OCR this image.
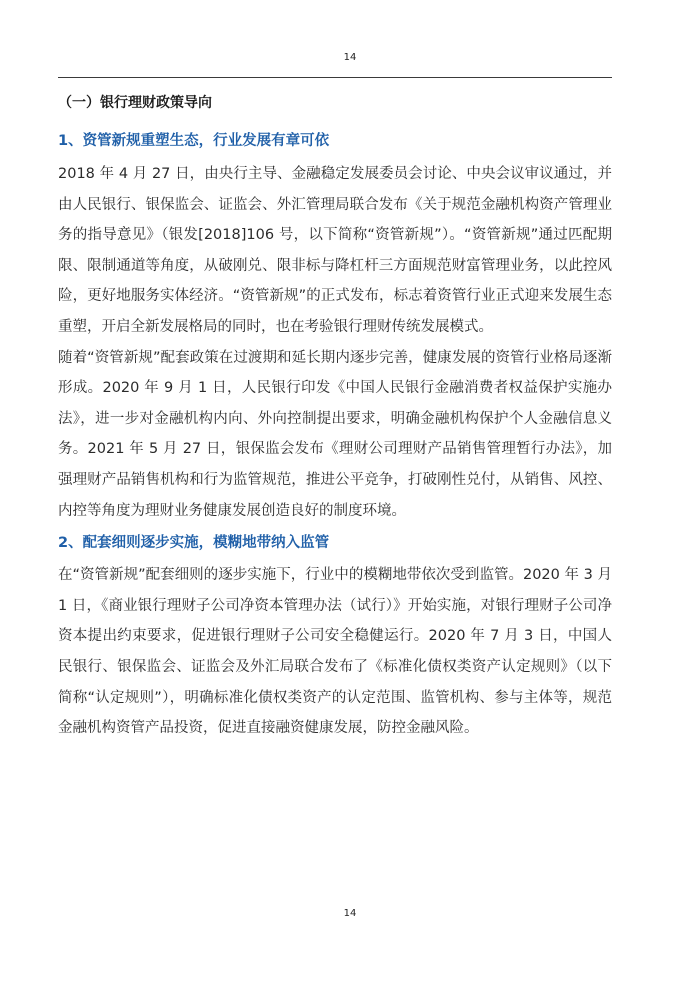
14
（一）银行理财政策导向
1、资管新规重塑生态，行业发展有章可依

2018 年 4 月 27 日，由央行主导、金融稳定发展委员会讨论、中央会议审议通过，并由人民银行、银保监会、证监会、外汇管理局联合发布《关于规范金融机构资产管理业务的指导意见》（银发[2018]106 号，以下简称“资管新规”）。“资管新规”通过匹配期限、限制通道等角度，从破刚兑、限非标与降杠杆三方面规范财富管理业务，以此控风险，更好地服务实体经济。“资管新规”的正式发布，标志着资管行业正式迎来发展生态重塑，开启全新发展格局的同时，也在考验银行理财传统发展模式。

随着“资管新规”配套政策在过渡期和延长期内逐步完善，健康发展的资管行业格局逐渐形成。2020 年 9 月 1 日，人民银行印发《中国人民银行金融消费者权益保护实施办法》，进一步对金融机构内向、外向控制提出要求，明确金融机构保护个人金融信息义务。2021 年 5 月 27 日，银保监会发布《理财公司理财产品销售管理暂行办法》，加强理财产品销售机构和行为监管规范，推进公平竞争，打破刚性兑付，从销售、风控、内控等角度为理财业务健康发展创造良好的制度环境。

2、配套细则逐步实施，模糊地带纳入监管

在“资管新规”配套细则的逐步实施下，行业中的模糊地带依次受到监管。2020 年 3 月 1 日，《商业银行理财子公司净资本管理办法（试行）》开始实施，对银行理财子公司净资本提出约束要求，促进银行理财子公司安全稳健运行。2020 年 7 月 3 日，中国人民银行、银保监会、证监会及外汇局联合发布了《标准化债权类资产认定规则》（以下简称“认定规则”），明确标准化债权类资产的认定范围、监管机构、参与主体等，规范金融机构资管产品投资，促进直接融资健康发展，防控金融风险。

14
